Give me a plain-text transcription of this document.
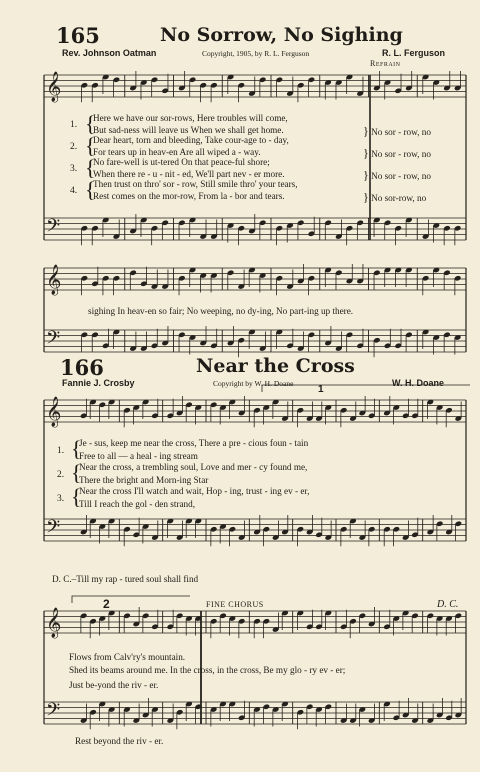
𝄞
𝄢
𝄞
𝄢
𝄞
𝄢
𝄞
𝄢
165	No Sorrow, No Sighing
Rev. Johnson Oatman	Copyright, 1905, by R. L. Ferguson	R. L. Ferguson
Refrain
1. {
Here we have our sor-rows, Here troubles will come,
But sad-ness will leave us When we shall get home.	} No sor - row, no
2. {
Dear heart, torn and bleeding, Take cour-age to - day,
For tears up in heav-en Are all wiped a - way.	} No sor - row, no
3. {
No fare-well is ut-tered On that peace-ful shore;
When there re - u - nit - ed, We'll part nev - er more.	} No sor - row, no
4. {
Then trust on thro' sor - row, Still smile thro' your tears,
Rest comes on the mor-row, From la - bor and tears.	} No sor-row, no
sighing In heav-en so fair; No weeping, no dy-ing, No part-ing up there.
166	Near the Cross
Fannie J. Crosby	Copyright by W. H. Doane	W. H. Doane
1
1. {
Je - sus, keep me near the cross, There a pre - cious foun - tain
Free to all — a heal - ing stream
2. {
Near the cross, a trembling soul, Love and mer - cy found me,
There the bright and Morn-ing Star
3. {
Near the cross I'll watch and wait, Hop - ing, trust - ing ev - er,
Till I reach the gol - den strand,
D. C.–Till my rap - tured soul shall find
2	FINE CHORUS	D. C.
Flows from Calv'ry's mountain.
Shed its beams around me. In the cross, in the cross, Be my glo - ry ev - er;
Just be-yond the riv - er.
Rest beyond the riv - er.
